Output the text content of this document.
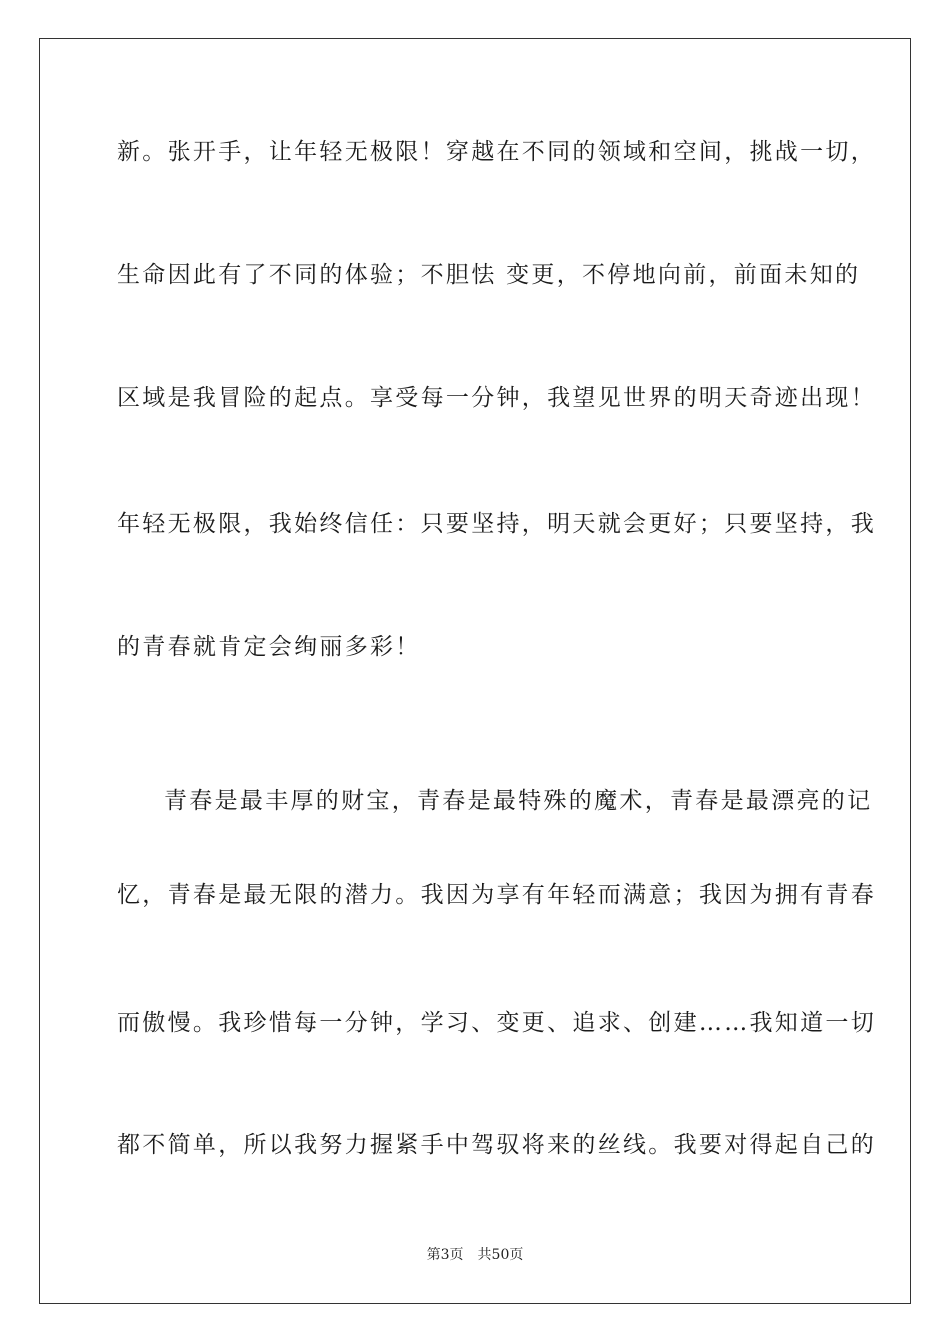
新。张开手，让年轻无极限！穿越在不同的领域和空间，挑战一切，
生命因此有了不同的体验；不胆怯 变更，不停地向前，前面未知的
区域是我冒险的起点。享受每一分钟，我望见世界的明天奇迹出现！
年轻无极限，我始终信任：只要坚持，明天就会更好；只要坚持，我
的青春就肯定会绚丽多彩！
青春是最丰厚的财宝，青春是最特殊的魔术，青春是最漂亮的记
忆，青春是最无限的潜力。我因为享有年轻而满意；我因为拥有青春
而傲慢。我珍惜每一分钟，学习、变更、追求、创建……我知道一切
都不简单，所以我努力握紧手中驾驭将来的丝线。我要对得起自己的
第3页 共50页
